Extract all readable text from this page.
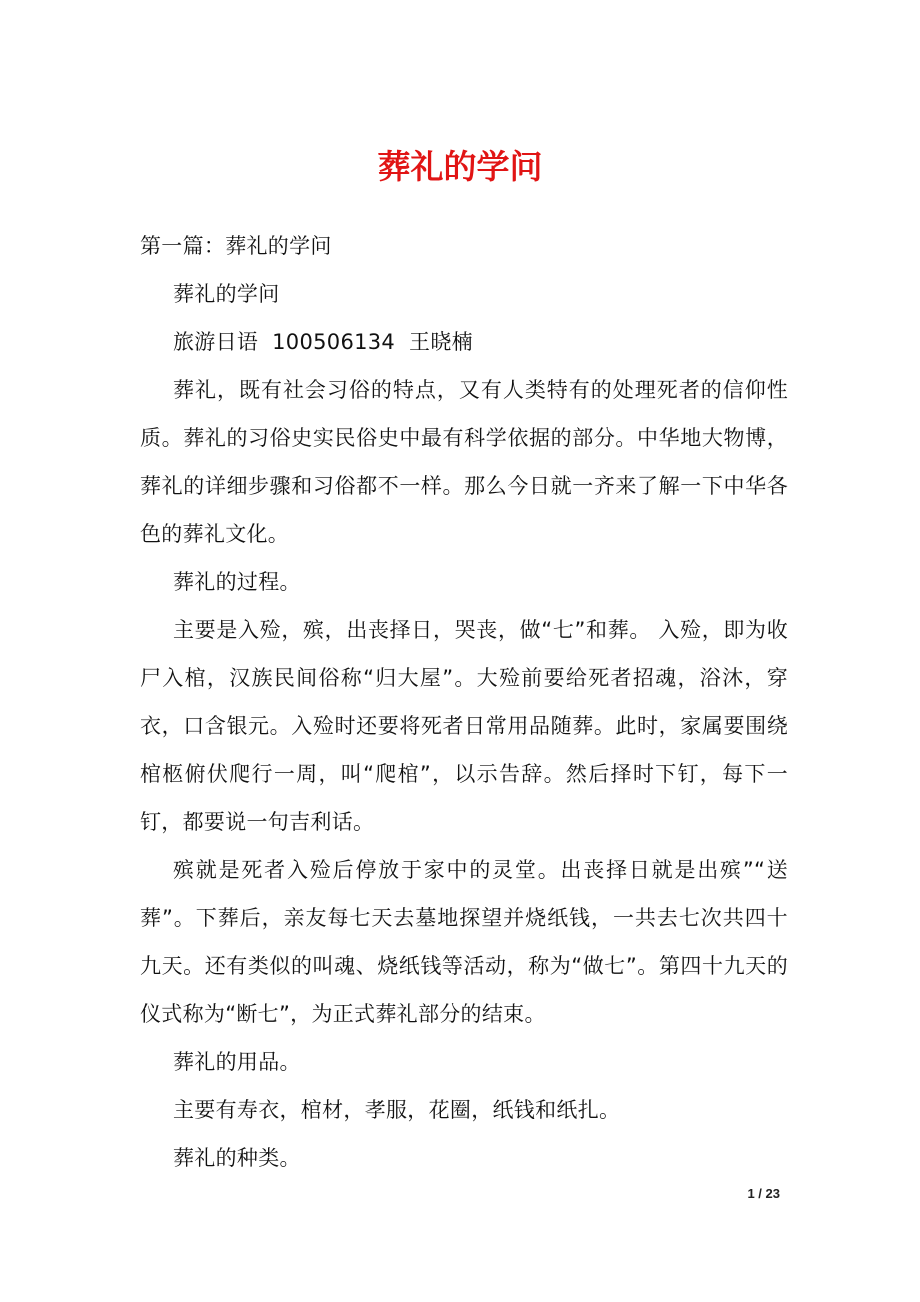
葬礼的学问

第一篇：葬礼的学问

葬礼的学问

旅游日语  100506134  王晓楠

葬礼，既有社会习俗的特点，又有人类特有的处理死者的信仰性质。葬礼的习俗史实民俗史中最有科学依据的部分。中华地大物博，葬礼的详细步骤和习俗都不一样。那么今日就一齐来了解一下中华各色的葬礼文化。

葬礼的过程。

主要是入殓，殡，出丧择日，哭丧，做“七”和葬。 入殓，即为收尸入棺，汉族民间俗称“归大屋”。大殓前要给死者招魂，浴沐，穿衣，口含银元。入殓时还要将死者日常用品随葬。此时，家属要围绕棺柩俯伏爬行一周，叫“爬棺”，以示告辞。然后择时下钉，每下一钉，都要说一句吉利话。

殡就是死者入殓后停放于家中的灵堂。出丧择日就是出殡”“送葬”。下葬后，亲友每七天去墓地探望并烧纸钱，一共去七次共四十九天。还有类似的叫魂、烧纸钱等活动，称为“做七”。第四十九天的仪式称为“断七”，为正式葬礼部分的结束。

葬礼的用品。

主要有寿衣，棺材，孝服，花圈，纸钱和纸扎。

葬礼的种类。

1 / 23
